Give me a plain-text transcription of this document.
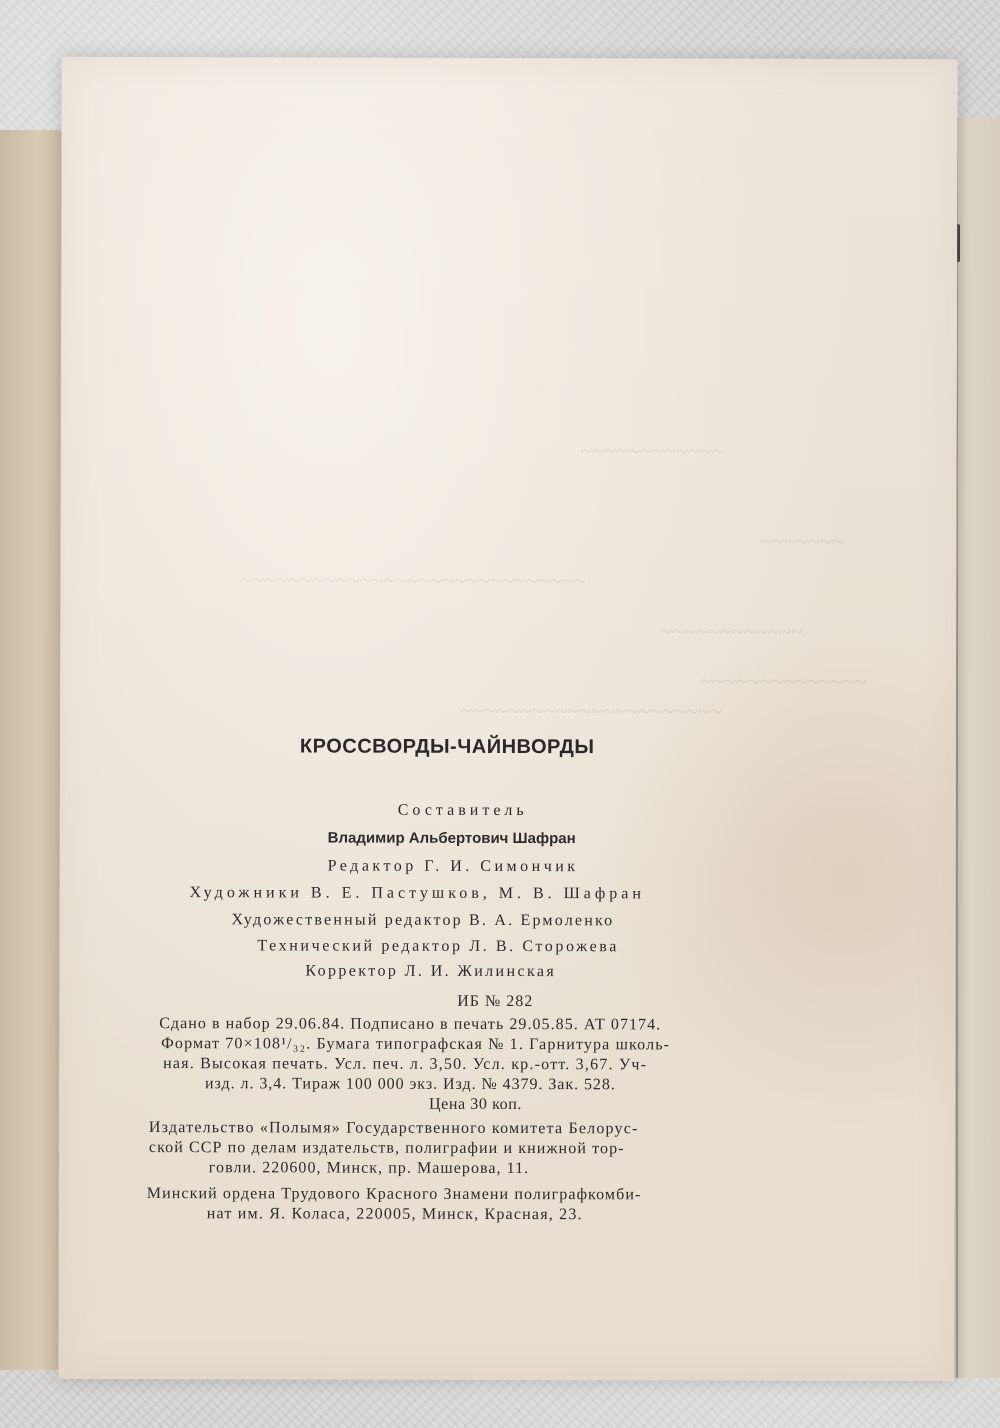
~~~~~~~~~~~~
~~~~~~~
~~~~~~~~~~~~~~~~~~~~~~~~~~~~~
~~~~~~~~~~~~
~~~~~~~~~~~~~~
~~~~~~~~~~~~~~~~~~~~~~
КРОССВОРДЫ-ЧАЙНВОРДЫ
Составитель
Владимир Альбертович Шафран
Редактор Г. И. Симончик
Художники В. Е. Пастушков, М. В. Шафран
Художественный редактор В. А. Ермоленко
Технический редактор Л. В. Сторожева
Корректор Л. И. Жилинская
ИБ № 282
Сдано в набор 29.06.84. Подписано в печать 29.05.85. АТ 07174.
Формат 70×108¹/₃₂. Бумага типографская № 1. Гарнитура школь-
ная. Высокая печать. Усл. печ. л. 3,50. Усл. кр.-отт. 3,67. Уч-
изд. л. 3,4. Тираж 100 000 экз. Изд. № 4379. Зак. 528.
Цена 30 коп.
Издательство «Полымя» Государственного комитета Белорус-
ской ССР по делам издательств, полиграфии и книжной тор-
говли. 220600, Минск, пр. Машерова, 11.
Минский ордена Трудового Красного Знамени полиграфкомби-
нат им. Я. Коласа, 220005, Минск, Красная, 23.
